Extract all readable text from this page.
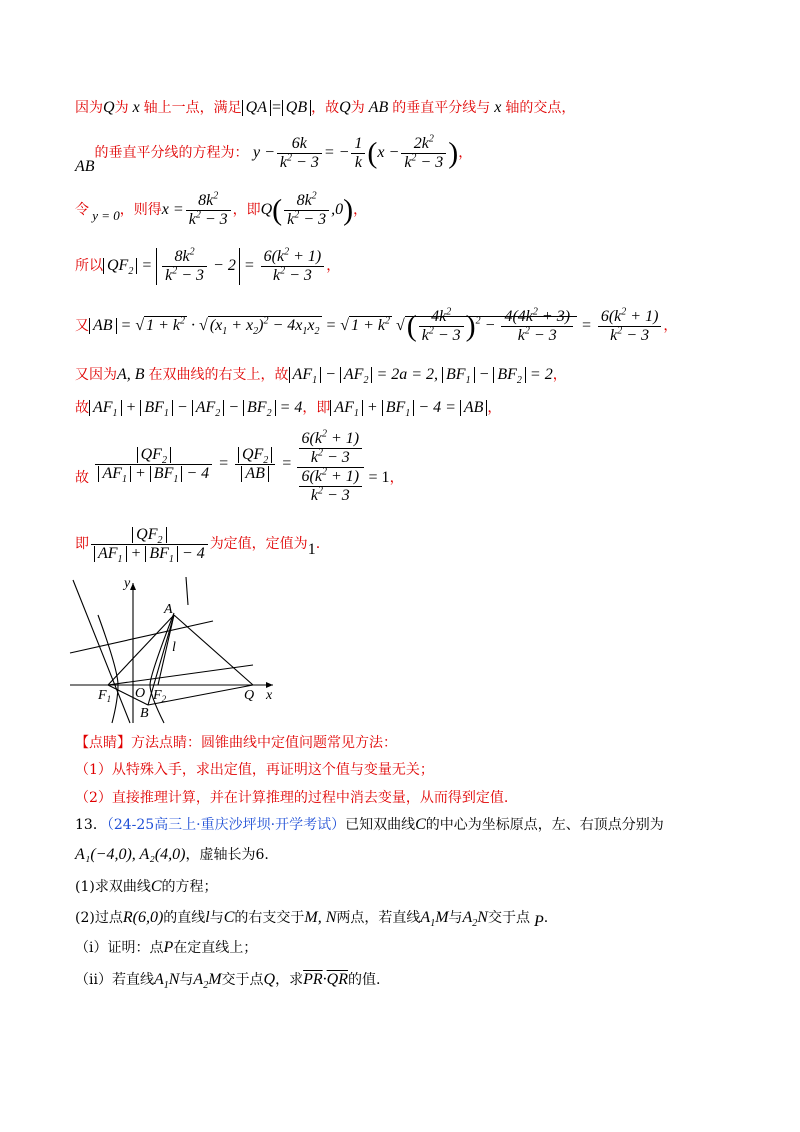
因为Q为 x 轴上一点，满足 QA = QB ，故Q为 AB 的垂直平分线与 x 轴的交点，
AB的垂直平分线的方程为： $y - \frac{6k}{k^2 - 3}$ = − $\frac{1}{k} (x - \frac{2k^2}{k^2 - 3}$ )，
令 y = 0，则得$x = \frac{8k^2}{k^2 - 3}$ ，即$Q( \frac{8k^2}{k^2 - 3} ,0)$，
所以 $QF_2 = \frac{8k^2}{k^2 - 3} - 2 = \frac{6(k^2 + 1)}{k^2 - 3}$ ，
又 AB = √ $1 + k^2$ · √ $(x_1 + x_2)^2 - 4x_1x_2$ = √ $1 + k^2$ √( $\frac{4k^2}{k^2 - 3} )^2 - \frac{4(4k^2 + 3)}{k^2 - 3} = \frac{6(k^2 + 1)}{k^2 - 3}$ ，
又因为A, B 在双曲线的右支上，故 $AF_1 - AF_2 = 2a = 2$, $BF_1 - BF_2 = 2$，
故 $AF_1 + BF_1 - AF_2 - BF_2 = 4$，即 $AF_1 + BF_1 - 4$ = AB ，
故 $\frac{QF_2}{AF_1 + BF_1 - 4} = \frac{QF_2}{AB} = \frac{\frac{6(k^2 + 1)}{k^2 - 3}}{\frac{6(k^2 + 1)}{k^2 - 3}} = 1$，
即 $\frac{QF_2}{AF_1 + BF_1 - 4}$ 为定值，定值为1.
y
x
A
l
$F_1$ O $F_2$	Q
B
【点睛】方法点睛：圆锥曲线中定值问题常见方法：
（1）从特殊入手，求出定值，再证明这个值与变量无关；
（2）直接推理计算，并在计算推理的过程中消去变量，从而得到定值.
13．（24-25高三上·重庆沙坪坝·开学考试）已知双曲线C的中心为坐标原点，左、右顶点分别为
A₁(−4,0), A₂(4,0)，虚轴长为6.
(1)求双曲线C的方程；
(2)过点R(6,0)的直线l与C的右支交于M, N两点，若直线$A_1M$与$A_2N$交于点 P.
（i）证明：点P在定直线上；
（ii）若直线$A_1N$与$A_2M$交于点Q，求$\overline{PR}\cdot\overline{QR}$的值.
